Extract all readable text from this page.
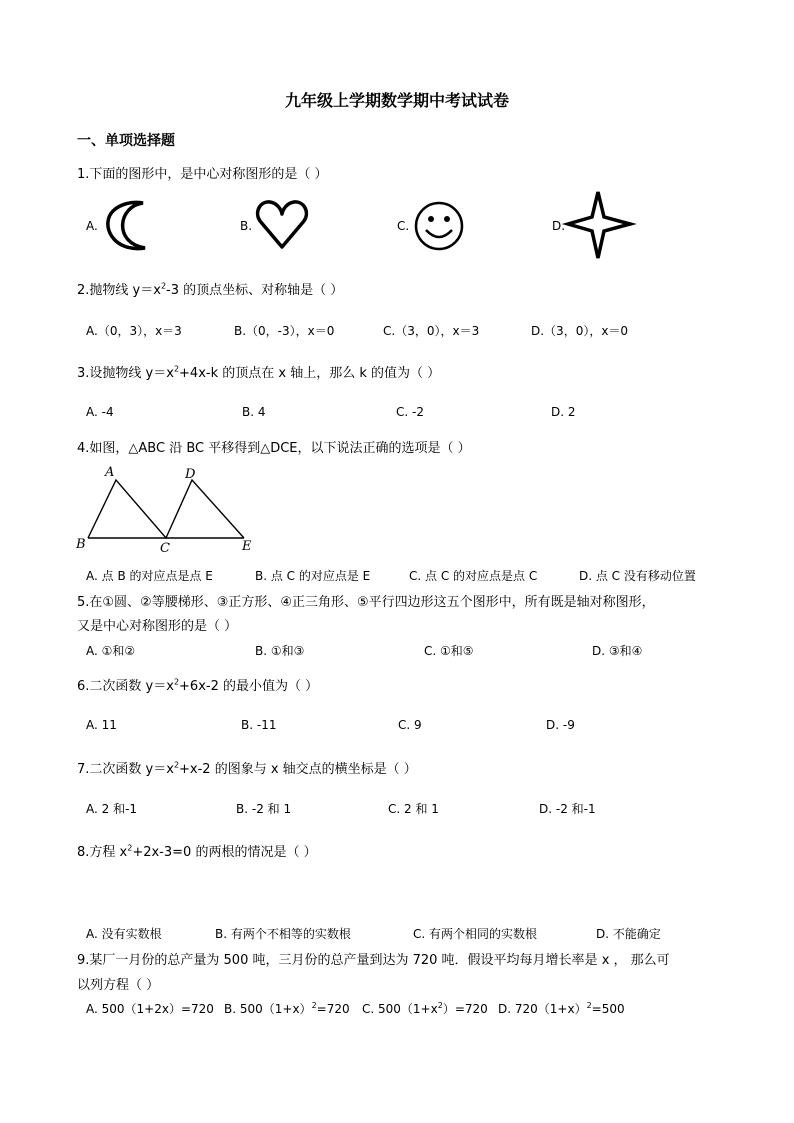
九年级上学期数学期中考试试卷
一、单项选择题
1.下面的图形中，是中心对称图形的是（ ）
A.	B.	C.	D.
2.抛物线 $y=x^2-3$ 的顶点坐标、对称轴是（ ）
A.（0，3），x＝3	B.（0，-3），x＝0	C.（3，0），x＝3	D.（3，0），x＝0
3.设抛物线 $y=x^2+4x-k$ 的顶点在 x 轴上，那么 k 的值为（ ）
A. -4	B. 4	C. -2	D. 2
4.如图，△ABC 沿 BC 平移得到△DCE，以下说法正确的选项是（ ）
A
B	C
D
E
A. 点 B 的对应点是点 E	B. 点 C 的对应点是 E	C. 点 C 的对应点是点 C	D. 点 C 没有移动位置
5.在①圆、②等腰梯形、③正方形、④正三角形、⑤平行四边形这五个图形中，所有既是轴对称图形，
又是中心对称图形的是（ ）
A. ①和②	B. ①和③	C. ①和⑤	D. ③和④
6.二次函数 $y=x^2+6x-2$ 的最小值为（ ）
A. 11	B. -11	C. 9	D. -9
7.二次函数 $y=x^2+x-2$ 的图象与 x 轴交点的横坐标是（ ）
A. 2 和-1	B. -2 和 1	C. 2 和 1	D. -2 和-1
8.方程 $x^2+2x-3=0$ 的两根的情况是（ ）
A. 没有实数根	B. 有两个不相等的实数根	C. 有两个相同的实数根	D. 不能确定
9.某厂一月份的总产量为 500 吨，三月份的总产量到达为 720 吨．假设平均每月增长率是 x ， 那么可
以列方程（ ）
A. 500（1+2x）=720 B. $500(1+x)^2=720$ C. $500(1+x^2)=720$ D. $720(1+x)^2=500$
